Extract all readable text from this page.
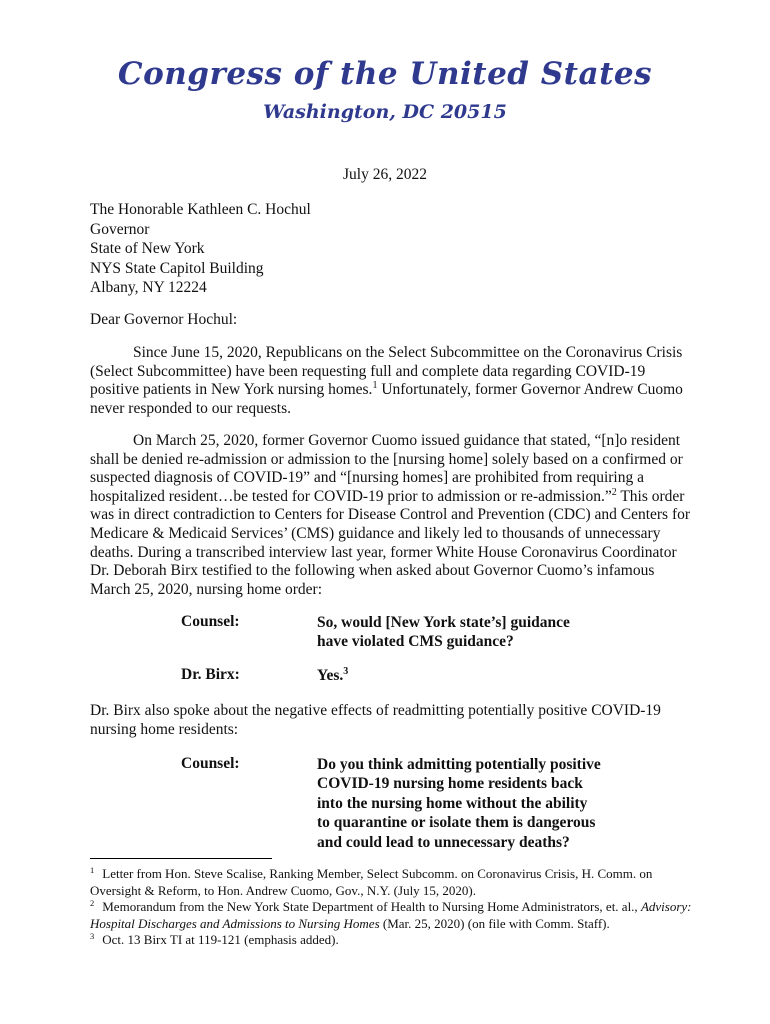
Congress of the United States
Washington, DC 20515
July 26, 2022
The Honorable Kathleen C. Hochul
Governor
State of New York
NYS State Capitol Building
Albany, NY 12224
Dear Governor Hochul:
Since June 15, 2020, Republicans on the Select Subcommittee on the Coronavirus Crisis
(Select Subcommittee) have been requesting full and complete data regarding COVID-19
positive patients in New York nursing homes.$^1$ Unfortunately, former Governor Andrew Cuomo
never responded to our requests.
On March 25, 2020, former Governor Cuomo issued guidance that stated, “[n]o resident
shall be denied re-admission or admission to the [nursing home] solely based on a confirmed or
suspected diagnosis of COVID-19” and “[nursing homes] are prohibited from requiring a
hospitalized resident…be tested for COVID-19 prior to admission or re-admission.”$^2$ This order
was in direct contradiction to Centers for Disease Control and Prevention (CDC) and Centers for
Medicare & Medicaid Services’ (CMS) guidance and likely led to thousands of unnecessary
deaths. During a transcribed interview last year, former White House Coronavirus Coordinator
Dr. Deborah Birx testified to the following when asked about Governor Cuomo’s infamous
March 25, 2020, nursing home order:
Counsel:	So, would [New York state’s] guidance
have violated CMS guidance?
Dr. Birx:	Yes.$^3$
Dr. Birx also spoke about the negative effects of readmitting potentially positive COVID-19
nursing home residents:
Counsel:	Do you think admitting potentially positive
COVID-19 nursing home residents back
into the nursing home without the ability
to quarantine or isolate them is dangerous
and could lead to unnecessary deaths?
$^1$ Letter from Hon. Steve Scalise, Ranking Member, Select Subcomm. on Coronavirus Crisis, H. Comm. on
Oversight & Reform, to Hon. Andrew Cuomo, Gov., N.Y. (July 15, 2020).
$^2$ Memorandum from the New York State Department of Health to Nursing Home Administrators, et. al., Advisory:
Hospital Discharges and Admissions to Nursing Homes (Mar. 25, 2020) (on file with Comm. Staff).
$^3$ Oct. 13 Birx TI at 119-121 (emphasis added).
